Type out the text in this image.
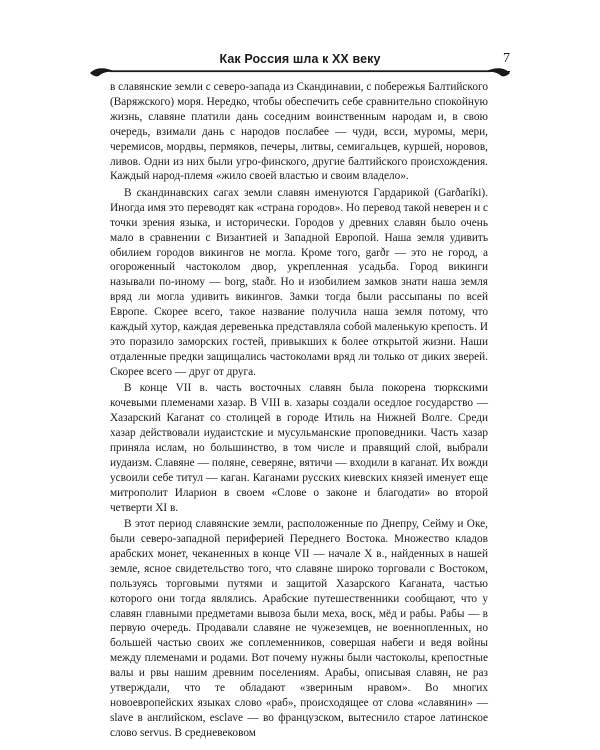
Как Россия шла к XX веку	7

в славянские земли с северо-запада из Скандинавии, с побережья Балтийского (Варяжского) моря. Нередко, чтобы обеспечить себе сравнительно спокойную жизнь, славяне платили дань соседним воинственным народам и, в свою очередь, взимали дань с народов послабее — чуди, вcси, муромы, мери, черемисов, мордвы, пермяков, печеры, литвы, семигальцев, куршей, норовов, ливов. Одни из них были угро-финского, другие балтийского происхождения. Каждый народ-племя «жило своей властью и своим владело».

В скандинавских сагах земли славян именуются Гардарикой (Garðaríki). Иногда имя это переводят как «страна городов». Но перевод такой неверен и с точки зрения языка, и исторически. Городов у древних славян было очень мало в сравнении с Византией и Западной Европой. Наша земля удивить обилием городов викингов не могла. Кроме того, garðr — это не город, а огороженный частоколом двор, укрепленная усадьба. Город викинги называли по-иному — borg, staðr. Но и изобилием замков знати наша земля вряд ли могла удивить викингов. Замки тогда были рассыпаны по всей Европе. Скорее всего, такое название получила наша земля потому, что каждый хутор, каждая деревенька представляла собой маленькую крепость. И это поразило заморских гостей, привыкших к более открытой жизни. Наши отдаленные предки защищались частоколами вряд ли только от диких зверей. Скорее всего — друг от друга.

В конце VII в. часть восточных славян была покорена тюркскими кочевыми племенами хазар. В VIII в. хазары создали оседлое государство — Хазарский Каганат со столицей в городе Итиль на Нижней Волге. Среди хазар действовали иудаистские и мусульманские проповедники. Часть хазар приняла ислам, но большинство, в том числе и правящий слой, выбрали иудаизм. Славяне — поляне, северяне, вятичи — входили в каганат. Их вожди усвоили себе титул — каган. Каганами русских киевских князей именует еще митрополит Иларион в своем «Слове о законе и благодати» во второй четверти XI в.

В этот период славянские земли, расположенные по Днепру, Сейму и Оке, были северо-западной периферией Переднего Востока. Множество кладов арабских монет, чеканенных в конце VII — начале X в., найденных в нашей земле, ясное свидетельство того, что славяне широко торговали с Востоком, пользуясь торговыми путями и защитой Хазарского Каганата, частью которого они тогда являлись. Арабские путешественники сообщают, что у славян главными предметами вывоза были меха, воск, мёд и рабы. Рабы — в первую очередь. Продавали славяне не чужеземцев, не военнопленных, но большей частью своих же соплеменников, совершая набеги и ведя войны между племенами и родами. Вот почему нужны были частоколы, крепостные валы и рвы нашим древним поселениям. Арабы, описывая славян, не раз утверждали, что те обладают «звериным нравом». Во многих новоевропейских языках слово «раб», происходящее от слова «славянин» — slave в английском, esclave — во французском, вытеснило старое латинское слово servus. В средневековом
